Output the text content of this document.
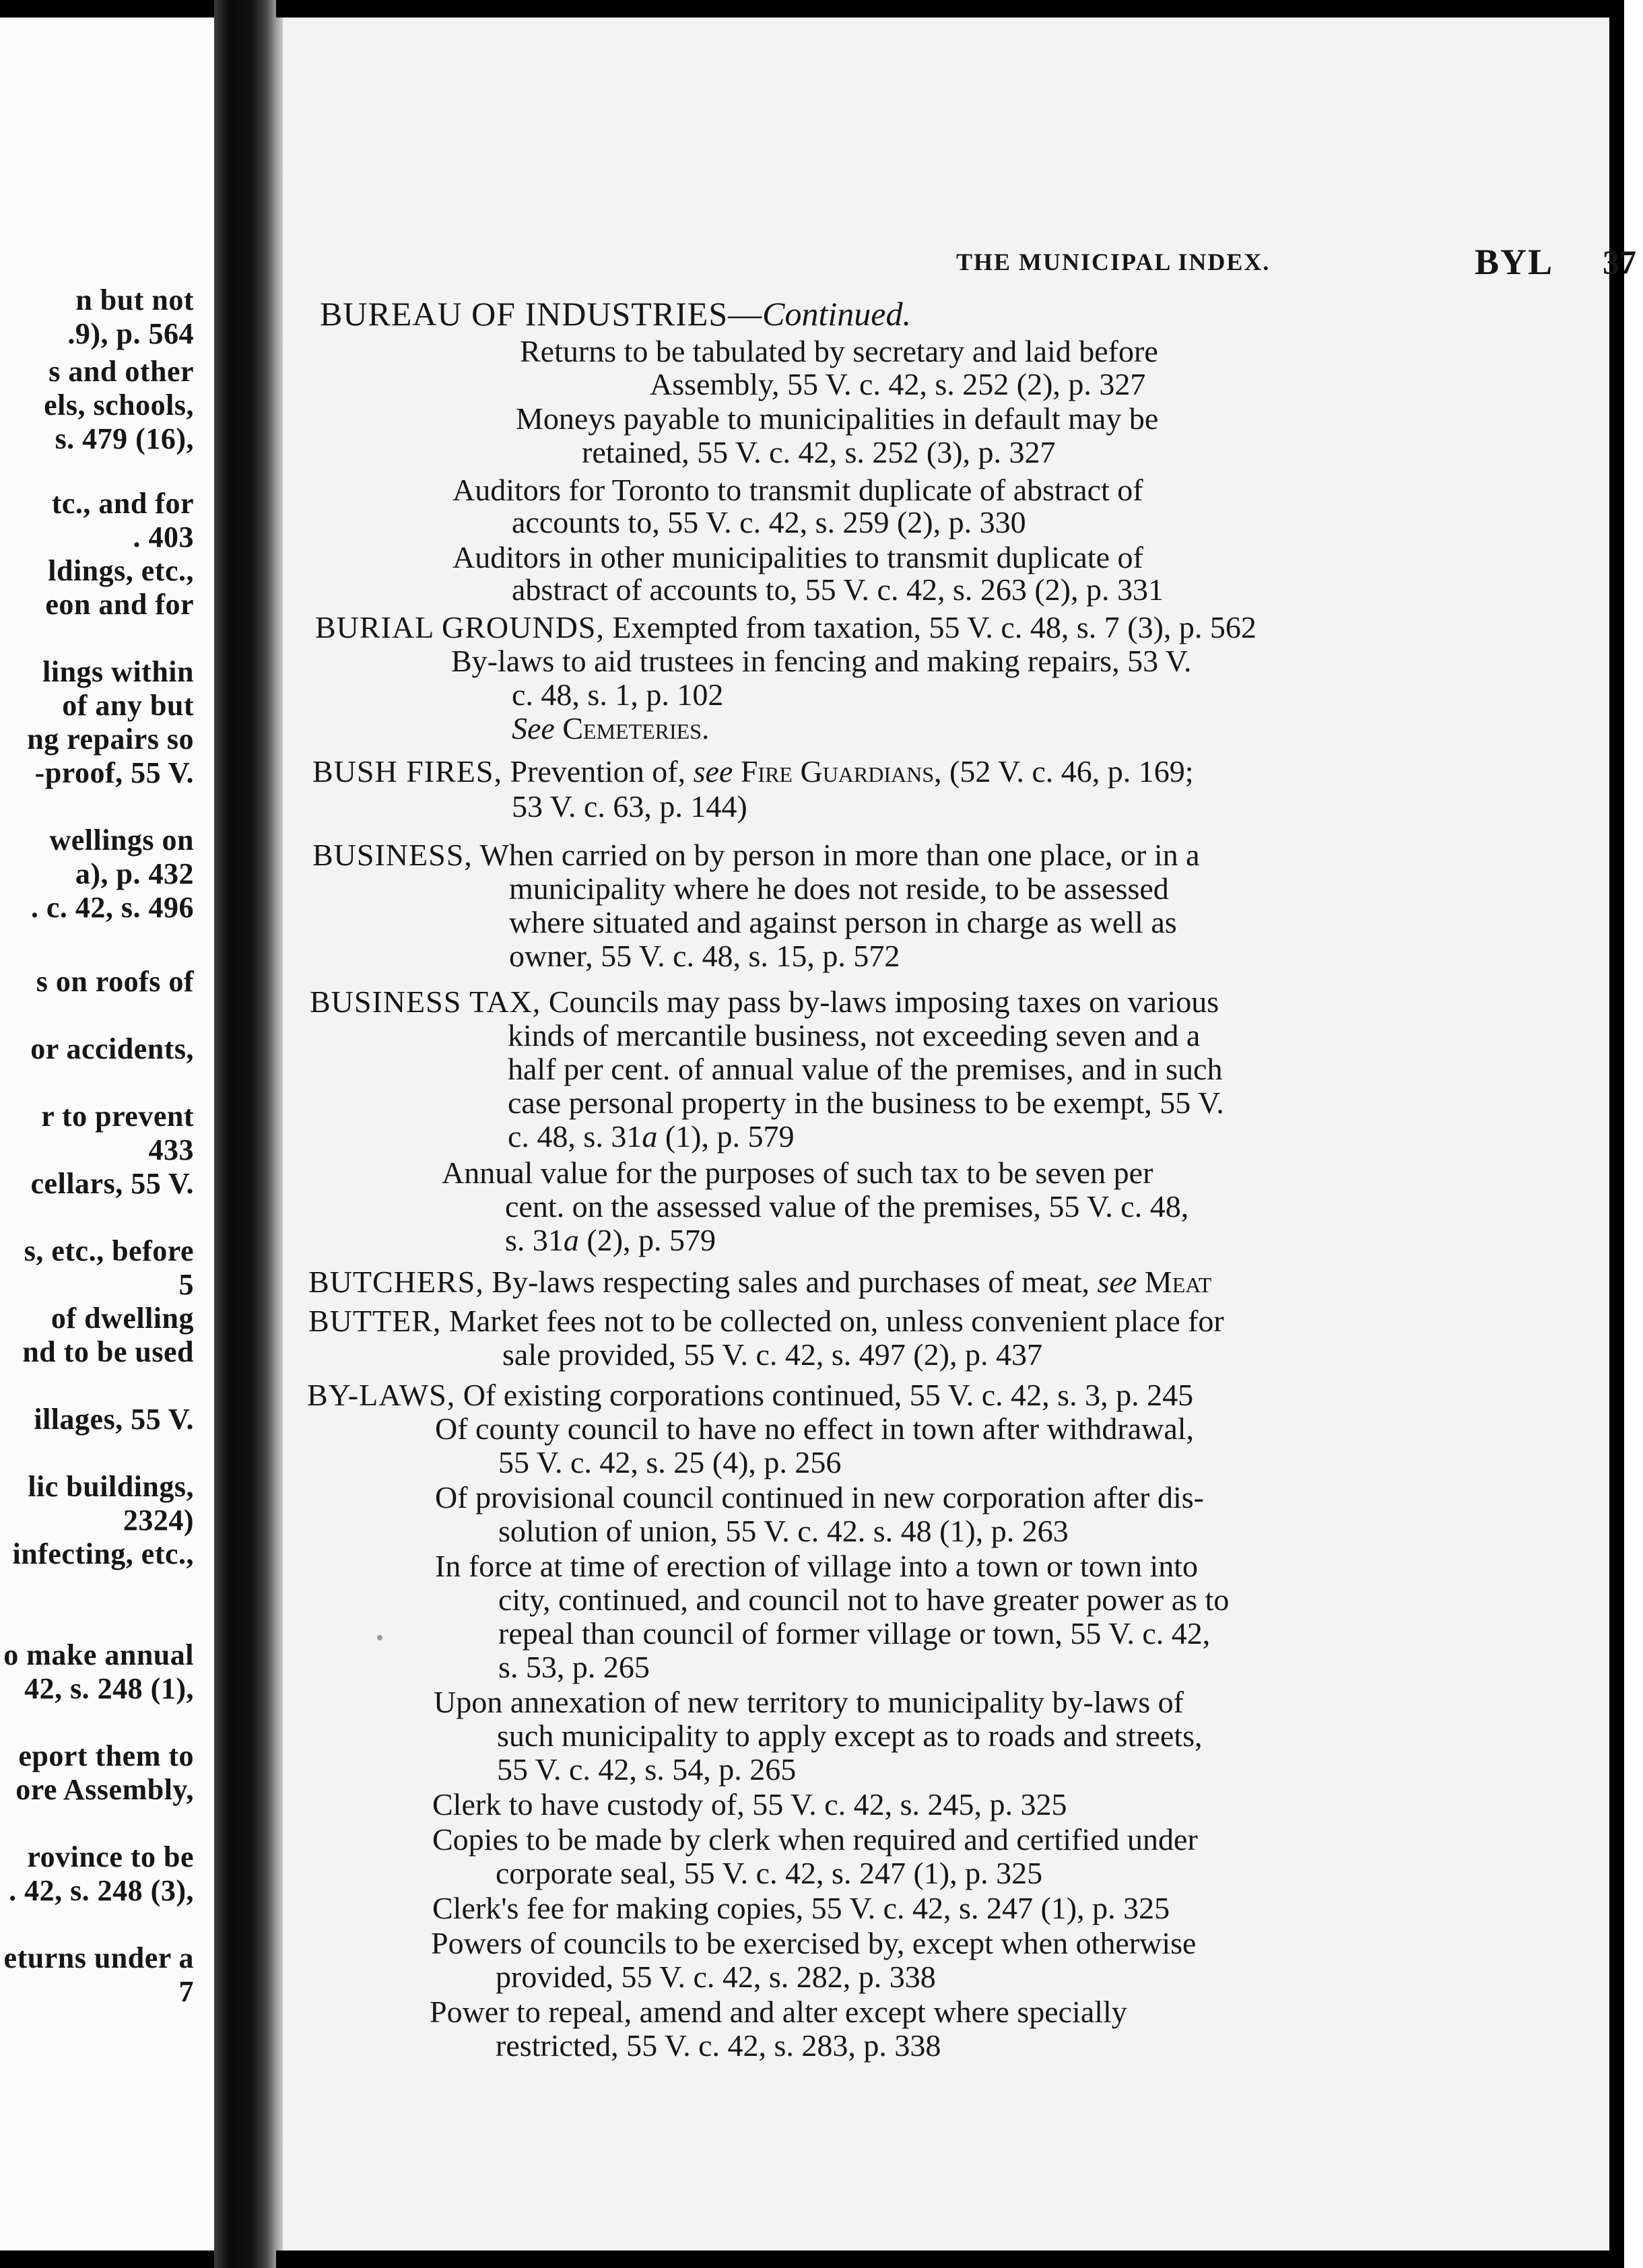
n but not
.9), p. 564
s and other
els, schools,
s. 479 (16),
tc., and for
. 403
ldings, etc.,
eon and for
lings within
of any but
ng repairs so
-proof, 55 V.
wellings on
a), p. 432
. c. 42, s. 496
s on roofs of
or accidents,
r to prevent
433
cellars, 55 V.
s, etc., before
5
of dwelling
nd to be used
illages, 55 V.
lic buildings,
2324)
infecting, etc.,
o make annual
42, s. 248 (1),
eport them to
ore Assembly,
rovince to be
. 42, s. 248 (3),
eturns under a
7
THE MUNICIPAL INDEX.	BYL 37
BUREAU OF INDUSTRIES—Continued.
Returns to be tabulated by secretary and laid before
Assembly, 55 V. c. 42, s. 252 (2), p. 327
Moneys payable to municipalities in default may be
retained, 55 V. c. 42, s. 252 (3), p. 327
Auditors for Toronto to transmit duplicate of abstract of
accounts to, 55 V. c. 42, s. 259 (2), p. 330
Auditors in other municipalities to transmit duplicate of
abstract of accounts to, 55 V. c. 42, s. 263 (2), p. 331
BURIAL GROUNDS, Exempted from taxation, 55 V. c. 48, s. 7 (3), p. 562
By-laws to aid trustees in fencing and making repairs, 53 V.
c. 48, s. 1, p. 102
See Cemeteries.
BUSH FIRES, Prevention of, see Fire Guardians, (52 V. c. 46, p. 169;
53 V. c. 63, p. 144)
BUSINESS, When carried on by person in more than one place, or in a
municipality where he does not reside, to be assessed
where situated and against person in charge as well as
owner, 55 V. c. 48, s. 15, p. 572
BUSINESS TAX, Councils may pass by-laws imposing taxes on various
kinds of mercantile business, not exceeding seven and a
half per cent. of annual value of the premises, and in such
case personal property in the business to be exempt, 55 V.
c. 48, s. 31a (1), p. 579
Annual value for the purposes of such tax to be seven per
cent. on the assessed value of the premises, 55 V. c. 48,
s. 31a (2), p. 579
BUTCHERS, By-laws respecting sales and purchases of meat, see Meat
BUTTER, Market fees not to be collected on, unless convenient place for
sale provided, 55 V. c. 42, s. 497 (2), p. 437
BY-LAWS, Of existing corporations continued, 55 V. c. 42, s. 3, p. 245
Of county council to have no effect in town after withdrawal,
55 V. c. 42, s. 25 (4), p. 256
Of provisional council continued in new corporation after dis-
solution of union, 55 V. c. 42. s. 48 (1), p. 263
In force at time of erection of village into a town or town into
city, continued, and council not to have greater power as to
repeal than council of former village or town, 55 V. c. 42,
s. 53, p. 265
Upon annexation of new territory to municipality by-laws of
such municipality to apply except as to roads and streets,
55 V. c. 42, s. 54, p. 265
Clerk to have custody of, 55 V. c. 42, s. 245, p. 325
Copies to be made by clerk when required and certified under
corporate seal, 55 V. c. 42, s. 247 (1), p. 325
Clerk's fee for making copies, 55 V. c. 42, s. 247 (1), p. 325
Powers of councils to be exercised by, except when otherwise
provided, 55 V. c. 42, s. 282, p. 338
Power to repeal, amend and alter except where specially
restricted, 55 V. c. 42, s. 283, p. 338
